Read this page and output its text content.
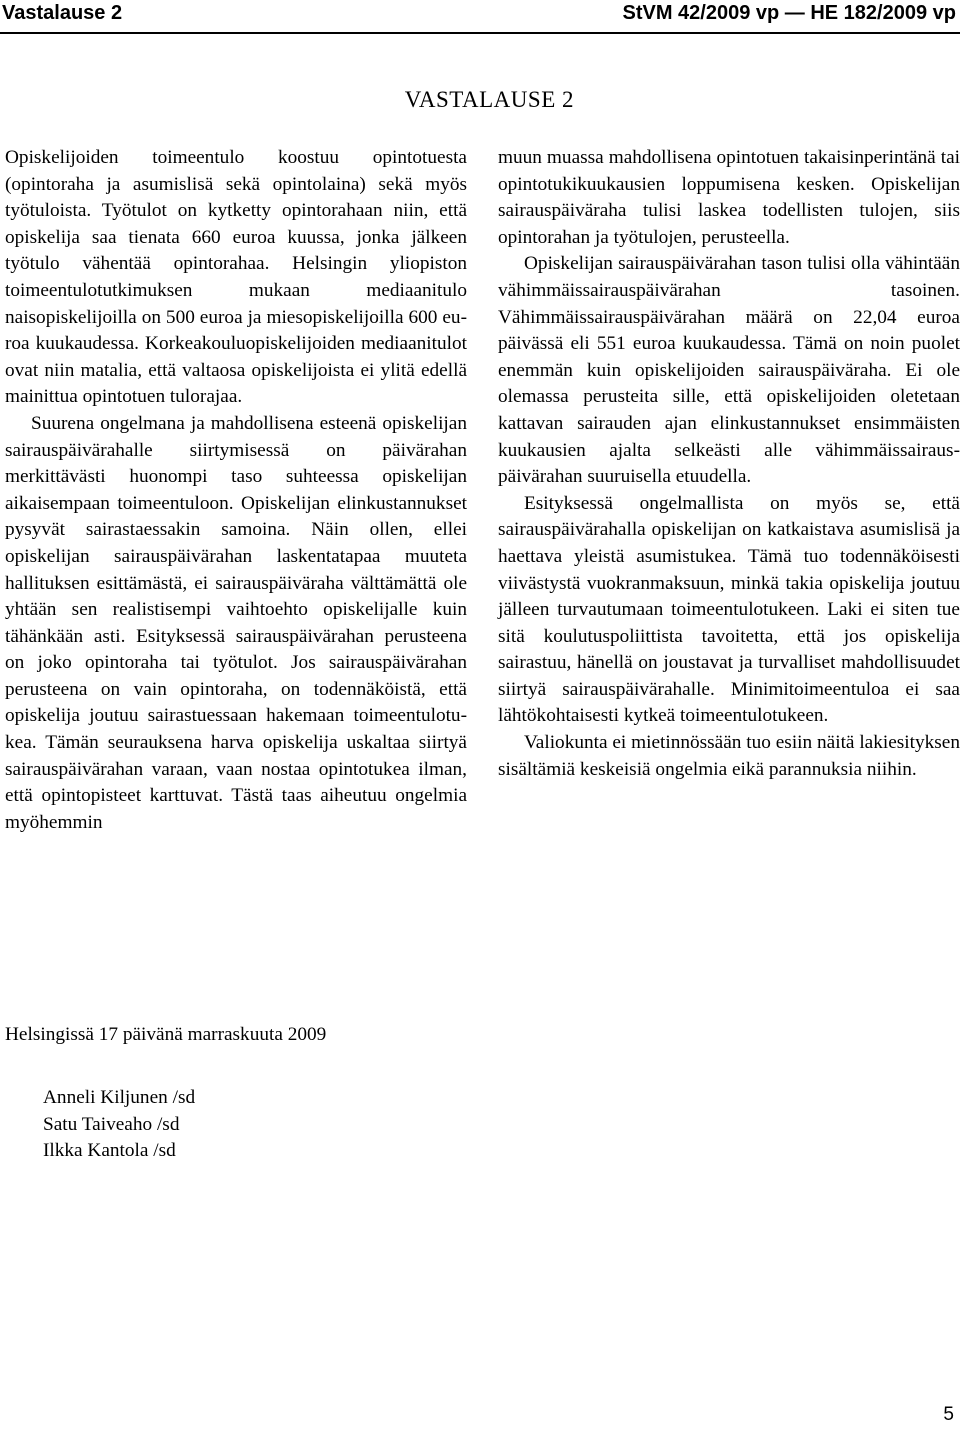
Vastalause 2	StVM 42/2009 vp — HE 182/2009 vp
VASTALAUSE 2

Opiskelijoiden toimeentulo koostuu opintotuesta (opintoraha ja asumislisä sekä opintolaina) sekä myös työtuloista. Työtulot on kytketty opintorahaan niin, että opiskelija saa tienata 660 euroa kuussa, jonka jälkeen työtulo vähentää opintorahaa. Helsingin yliopiston toimeentulotutkimuksen mukaan mediaanitulo naisopiskelijoilla on 500 euroa ja miesopiskelijoilla 600 euroa kuukaudessa. Korkeakouluopiskelijoiden mediaanitulot ovat niin matalia, että valtaosa opiskelijoista ei ylitä edellä mainittua opintotuen tulorajaa.

Suurena ongelmana ja mahdollisena esteenä opiskelijan sairauspäivärahalle siirtymisessä on päivärahan merkittävästi huonompi taso suhteessa opiskelijan aikaisempaan toimeentuloon. Opiskelijan elinkustannukset pysyvät sairastaessakin samoina. Näin ollen, ellei opiskelijan sairauspäivärahan laskentatapaa muuteta hallituksen esittämästä, ei sairauspäiväraha välttämättä ole yhtään sen realistisempi vaihtoehto opiskelijalle kuin tähänkään asti. Esityksessä sairauspäivärahan perusteena on joko opintoraha tai työtulot. Jos sairauspäivärahan perusteena on vain opintoraha, on todennäköistä, että opiskelija joutuu sairastuessaan hakemaan toimeentulotukea. Tämän seurauksena harva opiskelija uskaltaa siirtyä sairauspäivärahan varaan, vaan nostaa opintotukea ilman, että opintopisteet karttuvat. Tästä taas aiheutuu ongelmia myöhemmin

muun muassa mahdollisena opintotuen takaisinperintänä tai opintotukikuukausien loppumisena kesken. Opiskelijan sairauspäiväraha tulisi laskea todellisten tulojen, siis opintorahan ja työtulojen, perusteella.

Opiskelijan sairauspäivärahan tason tulisi olla vähintään vähimmäissairauspäivärahan tasoinen. Vähimmäissairauspäivärahan määrä on 22,04 euroa päivässä eli 551 euroa kuukaudessa. Tämä on noin puolet enemmän kuin opiskelijoiden sairauspäiväraha. Ei ole olemassa perusteita sille, että opiskelijoiden oletetaan kattavan sairauden ajan elinkustannukset ensimmäisten kuukausien ajalta selkeästi alle vähimmäissairauspäivärahan suuruisella etuudella.

Esityksessä ongelmallista on myös se, että sairauspäivärahalla opiskelijan on katkaistava asumislisä ja haettava yleistä asumistukea. Tämä tuo todennäköisesti viivästystä vuokranmaksuun, minkä takia opiskelija joutuu jälleen turvautumaan toimeentulotukeen. Laki ei siten tue sitä koulutuspoliittista tavoitetta, että jos opiskelija sairastuu, hänellä on joustavat ja turvalliset mahdollisuudet siirtyä sairauspäivärahalle. Minimitoimeentuloa ei saa lähtökohtaisesti kytkeä toimeentulotukeen.

Valiokunta ei mietinnössään tuo esiin näitä lakiesityksen sisältämiä keskeisiä ongelmia eikä parannuksia niihin.

Helsingissä 17 päivänä marraskuuta 2009
Anneli Kiljunen /sd
Satu Taiveaho /sd
Ilkka Kantola /sd
5
